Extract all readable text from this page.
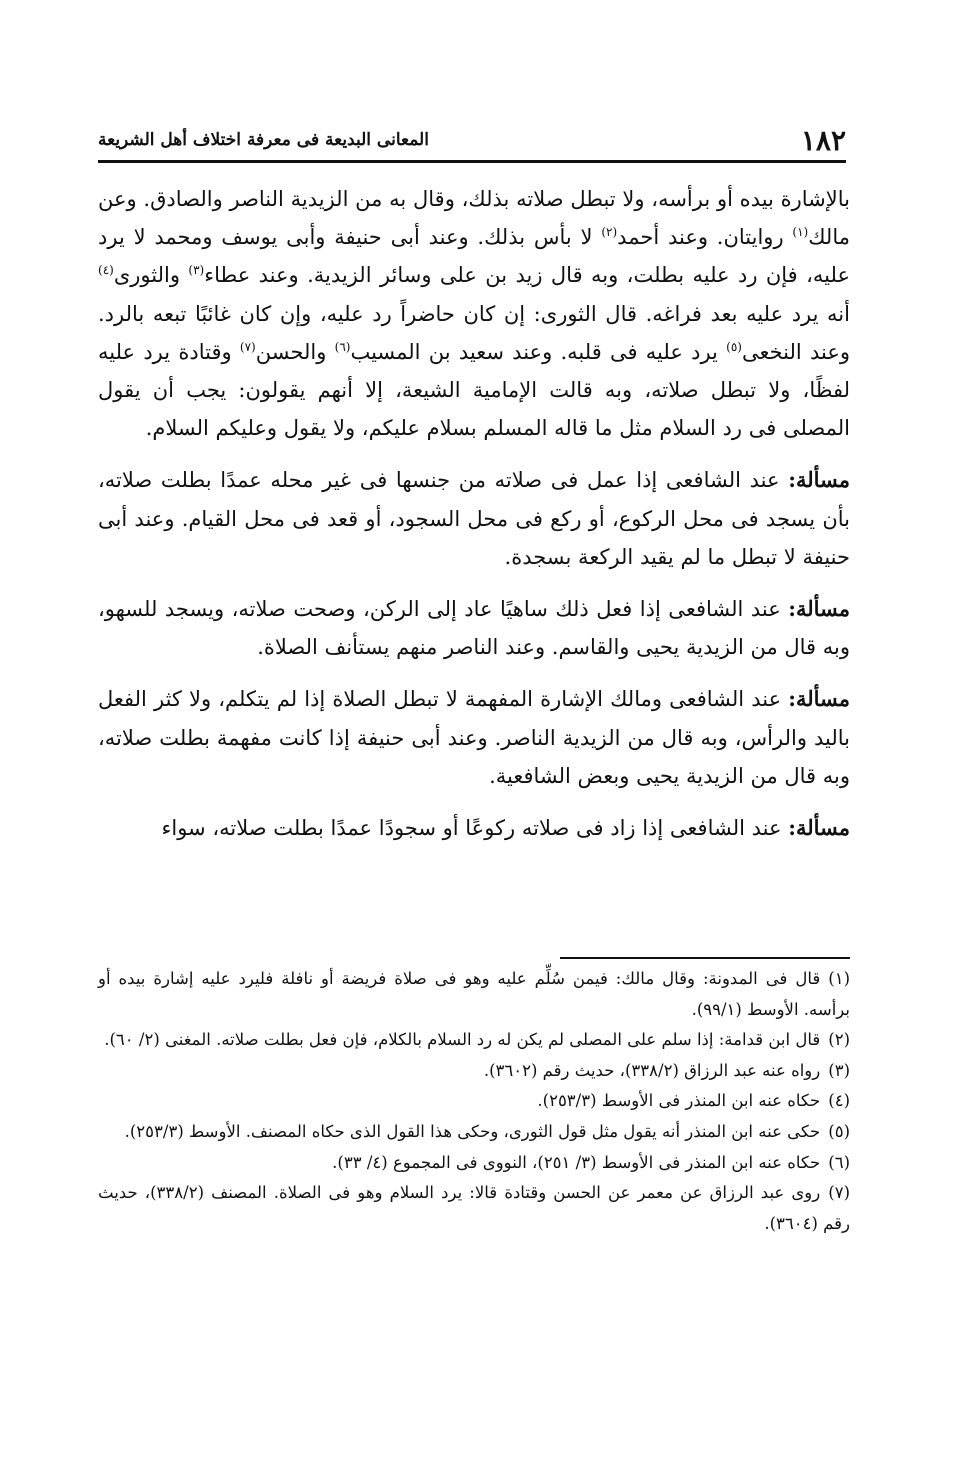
١٨٢
المعانى البديعة فى معرفة اختلاف أهل الشريعة

بالإشارة بيده أو برأسه، ولا تبطل صلاته بذلك، وقال به من الزيدية الناصر والصادق. وعن مالك$^{(١)}$ روايتان. وعند أحمد$^{(٢)}$ لا بأس بذلك. وعند أبى حنيفة وأبى يوسف ومحمد لا يرد عليه، فإن رد عليه بطلت، وبه قال زيد بن على وسائر الزيدية. وعند عطاء$^{(٣)}$ والثورى$^{(٤)}$ أنه يرد عليه بعد فراغه. قال الثورى: إن كان حاضراً رد عليه، وإن كان غائبًا تبعه بالرد. وعند النخعى$^{(٥)}$ يرد عليه فى قلبه. وعند سعيد بن المسيب$^{(٦)}$ والحسن$^{(٧)}$ وقتادة يرد عليه لفظًا، ولا تبطل صلاته، وبه قالت الإمامية الشيعة، إلا أنهم يقولون: يجب أن يقول المصلى فى رد السلام مثل ما قاله المسلم بسلام عليكم، ولا يقول وعليكم السلام.

مسألة: عند الشافعى إذا عمل فى صلاته من جنسها فى غير محله عمدًا بطلت صلاته، بأن يسجد فى محل الركوع، أو ركع فى محل السجود، أو قعد فى محل القيام. وعند أبى حنيفة لا تبطل ما لم يقيد الركعة بسجدة.

مسألة: عند الشافعى إذا فعل ذلك ساهيًا عاد إلى الركن، وصحت صلاته، ويسجد للسهو، وبه قال من الزيدية يحيى والقاسم. وعند الناصر منهم يستأنف الصلاة.

مسألة: عند الشافعى ومالك الإشارة المفهمة لا تبطل الصلاة إذا لم يتكلم، ولا كثر الفعل باليد والرأس، وبه قال من الزيدية الناصر. وعند أبى حنيفة إذا كانت مفهمة بطلت صلاته، وبه قال من الزيدية يحيى وبعض الشافعية.

مسألة: عند الشافعى إذا زاد فى صلاته ركوعًا أو سجودًا عمدًا بطلت صلاته، سواء

(١)قال فى المدونة: وقال مالك: فيمن سُلِّم عليه وهو فى صلاة فريضة أو نافلة فليرد عليه إشارة بيده أو برأسه. الأوسط (٩٩/١).

(٢)قال ابن قدامة: إذا سلم على المصلى لم يكن له رد السلام بالكلام، فإن فعل بطلت صلاته. المغنى (٢/ ٦٠).

(٣)رواه عنه عبد الرزاق (٣٣٨/٢)، حديث رقم (٣٦٠٢).

(٤)حكاه عنه ابن المنذر فى الأوسط (٢٥٣/٣).

(٥)حكى عنه ابن المنذر أنه يقول مثل قول الثورى، وحكى هذا القول الذى حكاه المصنف. الأوسط (٢٥٣/٣).

(٦)حكاه عنه ابن المنذر فى الأوسط (٣/ ٢٥١)، النووى فى المجموع (٤/ ٣٣).

(٧)روى عبد الرزاق عن معمر عن الحسن وقتادة قالا: يرد السلام وهو فى الصلاة. المصنف (٣٣٨/٢)، حديث رقم (٣٦٠٤).
